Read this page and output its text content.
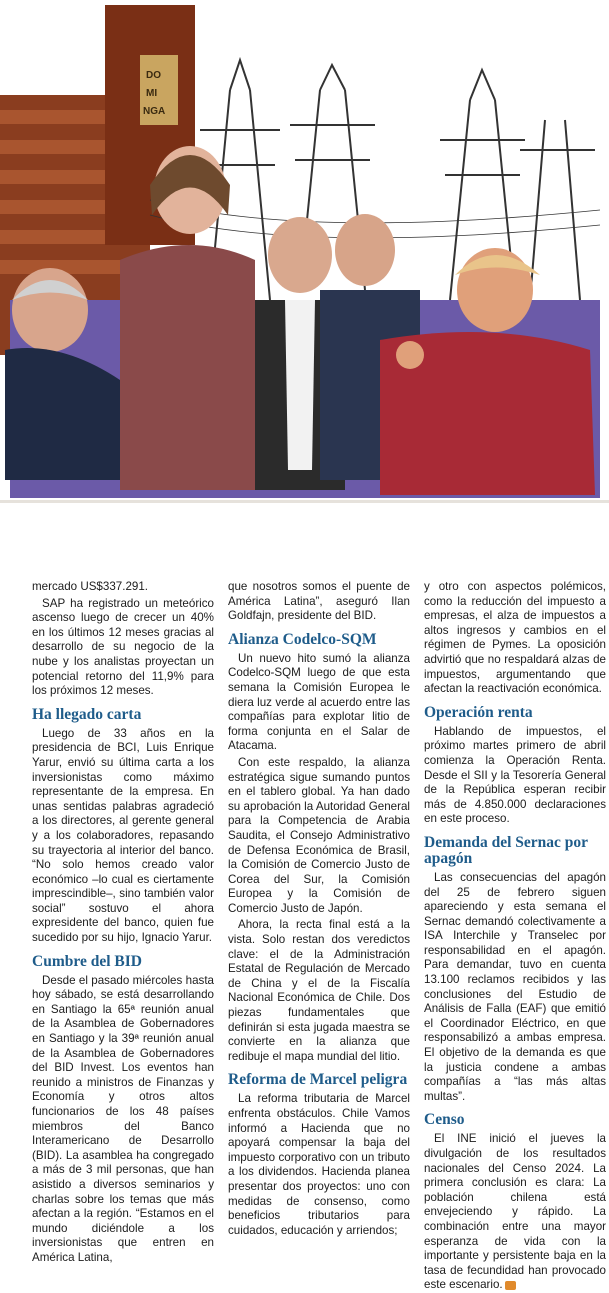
DO
MI
NGA

mercado US$337.291.

SAP ha registrado un meteórico ascenso luego de crecer un 40% en los últimos 12 meses gracias al desarrollo de su negocio de la nube y los analistas proyectan un potencial retorno del 11,9% para los próximos 12 meses.

Ha llegado carta

Luego de 33 años en la presidencia de BCI, Luis Enrique Yarur, envió su última carta a los inversionistas como máximo representante de la empresa. En unas sentidas palabras agradeció a los directores, al gerente general y a los colaboradores, repasando su trayectoria al interior del banco. “No solo hemos creado valor económico –lo cual es ciertamente imprescindible–, sino también valor social” sostuvo el ahora expresidente del banco, quien fue sucedido por su hijo, Ignacio Yarur.

Cumbre del BID

Desde el pasado miércoles hasta hoy sábado, se está desarrollando en Santiago la 65ª reunión anual de la Asamblea de Gobernadores en Santiago y la 39ª reunión anual de la Asamblea de Gobernadores del BID Invest. Los eventos han reunido a ministros de Finanzas y Economía y otros altos funcionarios de los 48 países miembros del Banco Interamericano de Desarrollo (BID). La asamblea ha congregado a más de 3 mil personas, que han asistido a diversos seminarios y charlas sobre los temas que más afectan a la región. “Estamos en el mundo diciéndole a los inversionistas que entren en América Latina,

que nosotros somos el puente de América Latina”, aseguró Ilan Goldfajn, presidente del BID.

Alianza Codelco-SQM

Un nuevo hito sumó la alianza Codelco-SQM luego de que esta semana la Comisión Europea le diera luz verde al acuerdo entre las compañías para explotar litio de forma conjunta en el Salar de Atacama.

Con este respaldo, la alianza estratégica sigue sumando puntos en el tablero global. Ya han dado su aprobación la Autoridad General para la Competencia de Arabia Saudita, el Consejo Administrativo de Defensa Económica de Brasil, la Comisión de Comercio Justo de Corea del Sur, la Comisión Europea y la Comisión de Comercio Justo de Japón.

Ahora, la recta final está a la vista. Solo restan dos veredictos clave: el de la Administración Estatal de Regulación de Mercado de China y el de la Fiscalía Nacional Económica de Chile. Dos piezas fundamentales que definirán si esta jugada maestra se convierte en la alianza que redibuje el mapa mundial del litio.

Reforma de Marcel peligra

La reforma tributaria de Marcel enfrenta obstáculos. Chile Vamos informó a Hacienda que no apoyará compensar la baja del impuesto corporativo con un tributo a los dividendos. Hacienda planea presentar dos proyectos: uno con medidas de consenso, como beneficios tributarios para cuidados, educación y arriendos;

y otro con aspectos polémicos, como la reducción del impuesto a empresas, el alza de impuestos a altos ingresos y cambios en el régimen de Pymes. La oposición advirtió que no respaldará alzas de impuestos, argumentando que afectan la reactivación económica.

Operación renta

Hablando de impuestos, el próximo martes primero de abril comienza la Operación Renta. Desde el SII y la Tesorería General de la República esperan recibir más de 4.850.000 declaraciones en este proceso.

Demanda del Sernac por apagón

Las consecuencias del apagón del 25 de febrero siguen apareciendo y esta semana el Sernac demandó colectivamente a ISA Interchile y Transelec por responsabilidad en el apagón. Para demandar, tuvo en cuenta 13.100 reclamos recibidos y las conclusiones del Estudio de Análisis de Falla (EAF) que emitió el Coordinador Eléctrico, en que responsabilizó a ambas empresa. El objetivo de la demanda es que la justicia condene a ambas compañías a “las más altas multas”.

Censo

El INE inició el jueves la divulgación de los resultados nacionales del Censo 2024. La primera conclusión es clara: La población chilena está envejeciendo y rápido. La combinación entre una mayor esperanza de vida con la importante y persistente baja en la tasa de fecundidad han provocado este escenario.
